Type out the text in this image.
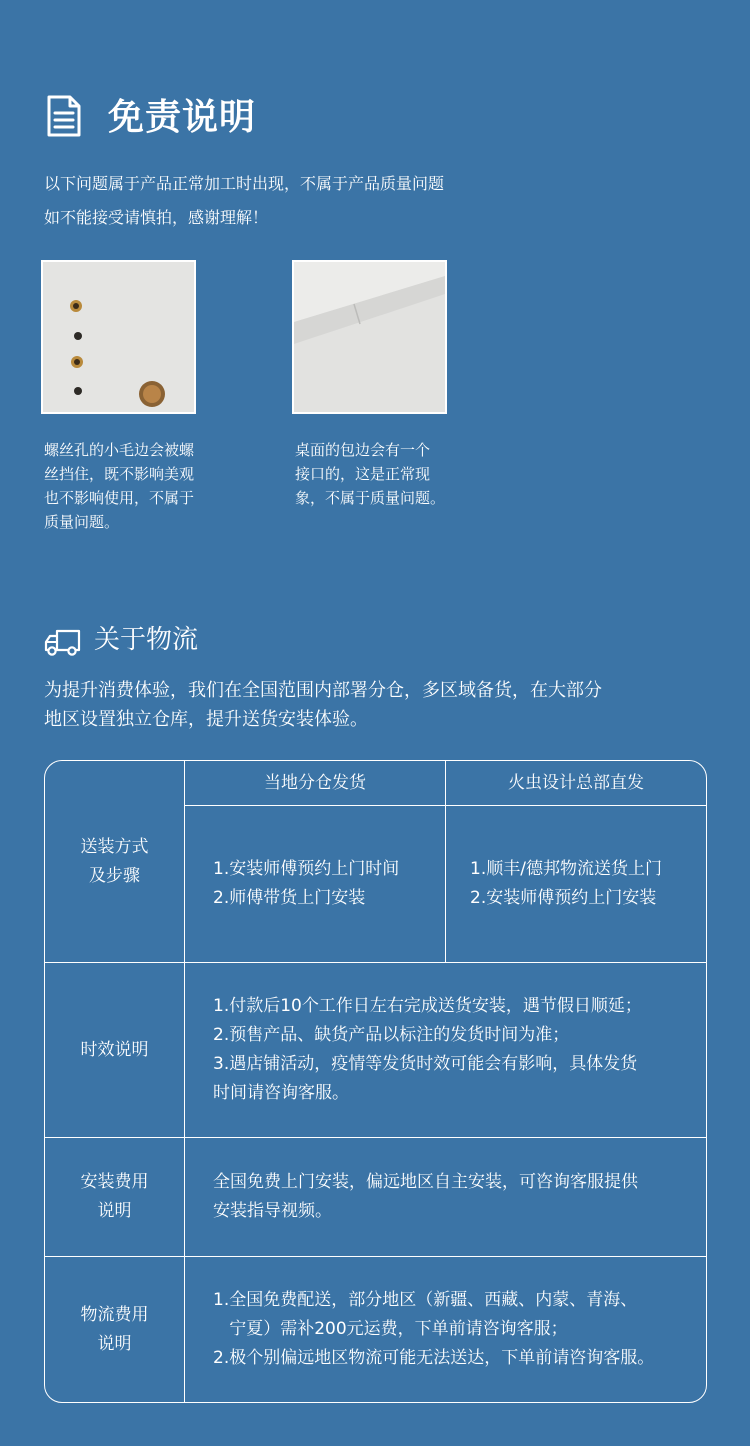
免责说明
以下问题属于产品正常加工时出现，不属于产品质量问题
如不能接受请慎拍，感谢理解！
螺丝孔的小毛边会被螺
丝挡住，既不影响美观
也不影响使用，不属于
质量问题。
桌面的包边会有一个
接口的，这是正常现
象，不属于质量问题。
关于物流
为提升消费体验，我们在全国范围内部署分仓，多区域备货，在大部分
地区设置独立仓库，提升送货安装体验。
当地分仓发货	火虫设计总部直发
送装方式
及步骤	1.安装师傅预约上门时间
2.师傅带货上门安装
1.顺丰/德邦物流送货上门
2.安装师傅预约上门安装
时效说明
1.付款后10个工作日左右完成送货安装，遇节假日顺延；
2.预售产品、缺货产品以标注的发货时间为准；
3.遇店铺活动，疫情等发货时效可能会有影响，具体发货
时间请咨询客服。
安装费用
说明
全国免费上门安装，偏远地区自主安装，可咨询客服提供
安装指导视频。
物流费用
说明
1.全国免费配送，部分地区（新疆、西藏、内蒙、青海、
宁夏）需补200元运费，下单前请咨询客服；
2.极个别偏远地区物流可能无法送达，下单前请咨询客服。
